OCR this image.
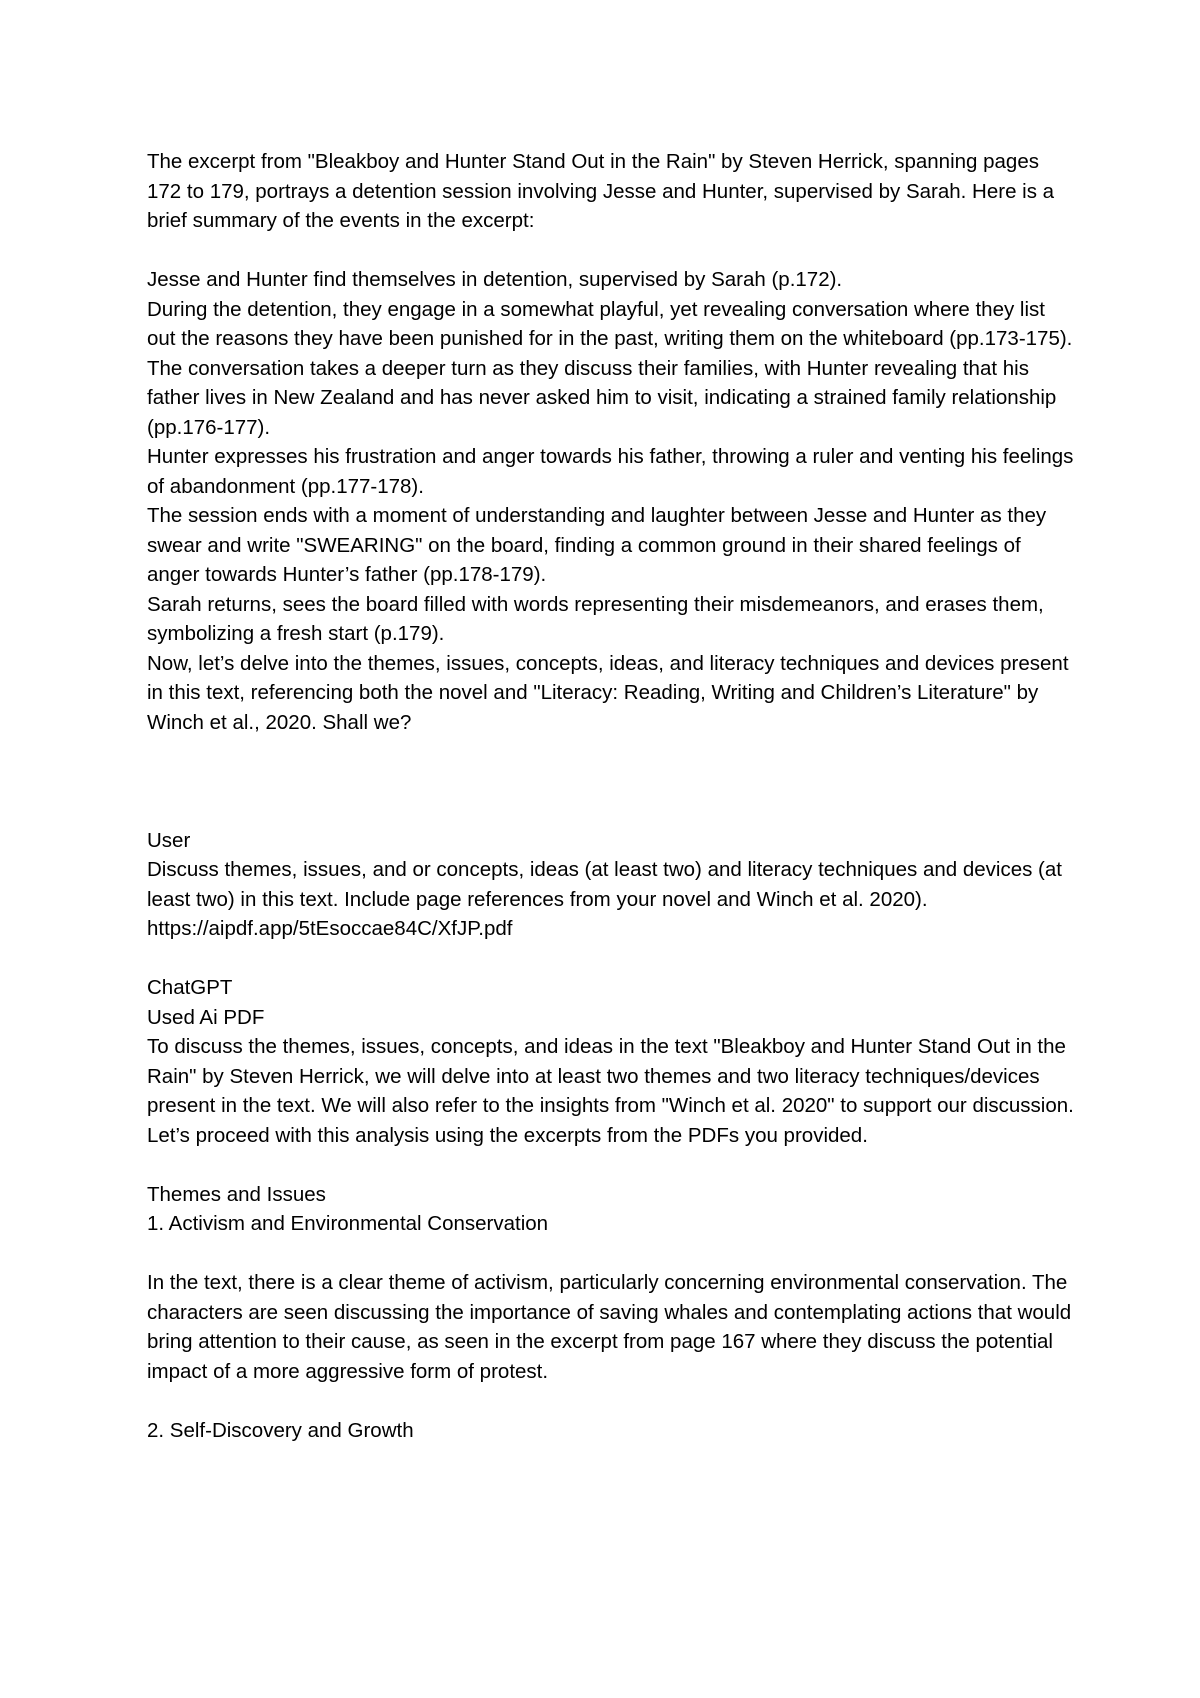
The excerpt from "Bleakboy and Hunter Stand Out in the Rain" by Steven Herrick, spanning pages 172 to 179, portrays a detention session involving Jesse and Hunter, supervised by Sarah. Here is a brief summary of the events in the excerpt:

Jesse and Hunter find themselves in detention, supervised by Sarah (p.172).

During the detention, they engage in a somewhat playful, yet revealing conversation where they list out the reasons they have been punished for in the past, writing them on the whiteboard (pp.173-175).

The conversation takes a deeper turn as they discuss their families, with Hunter revealing that his father lives in New Zealand and has never asked him to visit, indicating a strained family relationship (pp.176-177).

Hunter expresses his frustration and anger towards his father, throwing a ruler and venting his feelings of abandonment (pp.177-178).

The session ends with a moment of understanding and laughter between Jesse and Hunter as they swear and write "SWEARING" on the board, finding a common ground in their shared feelings of anger towards Hunter’s father (pp.178-179).

Sarah returns, sees the board filled with words representing their misdemeanors, and erases them, symbolizing a fresh start (p.179).

Now, let’s delve into the themes, issues, concepts, ideas, and literacy techniques and devices present in this text, referencing both the novel and "Literacy: Reading, Writing and Children’s Literature" by Winch et al., 2020. Shall we?

User

Discuss themes, issues, and or concepts, ideas (at least two) and literacy techniques and devices (at least two) in this text. Include page references from your novel and Winch et al. 2020). https://aipdf.app/5tEsoccae84C/XfJP.pdf

ChatGPT

Used Ai PDF

To discuss the themes, issues, concepts, and ideas in the text "Bleakboy and Hunter Stand Out in the Rain" by Steven Herrick, we will delve into at least two themes and two literacy techniques/devices present in the text. We will also refer to the insights from "Winch et al. 2020" to support our discussion. Let’s proceed with this analysis using the excerpts from the PDFs you provided.

Themes and Issues

1. Activism and Environmental Conservation

In the text, there is a clear theme of activism, particularly concerning environmental conservation. The characters are seen discussing the importance of saving whales and contemplating actions that would bring attention to their cause, as seen in the excerpt from page 167 where they discuss the potential impact of a more aggressive form of protest.

2. Self-Discovery and Growth
